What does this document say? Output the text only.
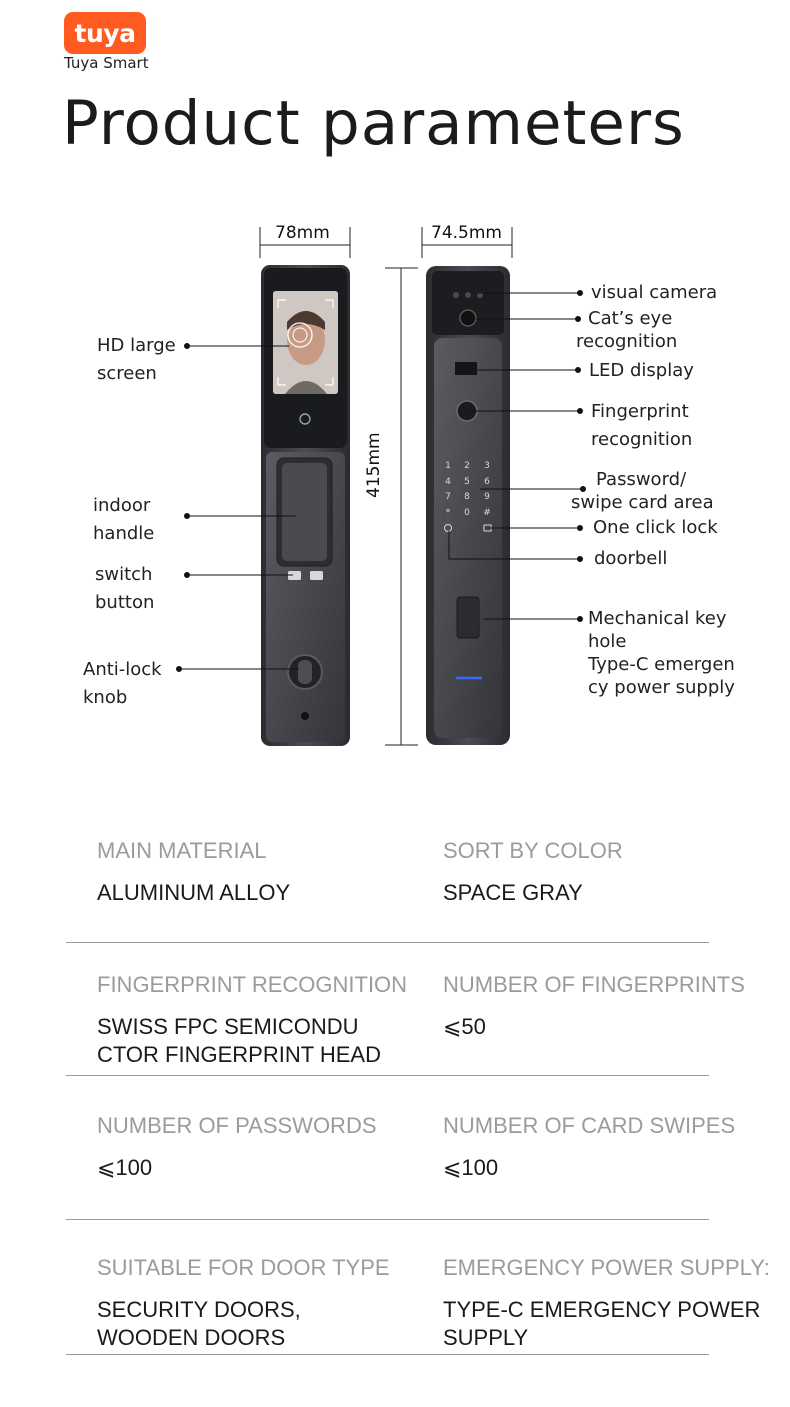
tuya
Tuya Smart
Product parameters
1 2 3
4 5 6
7 8 9
* 0 #
78mm	74.5mm
415mm
HD large
screen
indoor
handle
switch
button
Anti-lock
knob
visual camera
Cat’s eye
recognition
LED display
Fingerprint
recognition
Password/
swipe card area
One click lock
doorbell
Mechanical key
hole
Type-C emergen
cy power supply
MAIN MATERIAL
ALUMINUM ALLOY
SORT BY COLOR
SPACE GRAY
FINGERPRINT RECOGNITION
SWISS FPC SEMICONDU
CTOR FINGERPRINT HEAD
NUMBER OF FINGERPRINTS
⩽50
NUMBER OF PASSWORDS
⩽100
NUMBER OF CARD SWIPES
⩽100
SUITABLE FOR DOOR TYPE
SECURITY DOORS,
WOODEN DOORS
EMERGENCY POWER SUPPLY:
TYPE-C EMERGENCY POWER
SUPPLY
